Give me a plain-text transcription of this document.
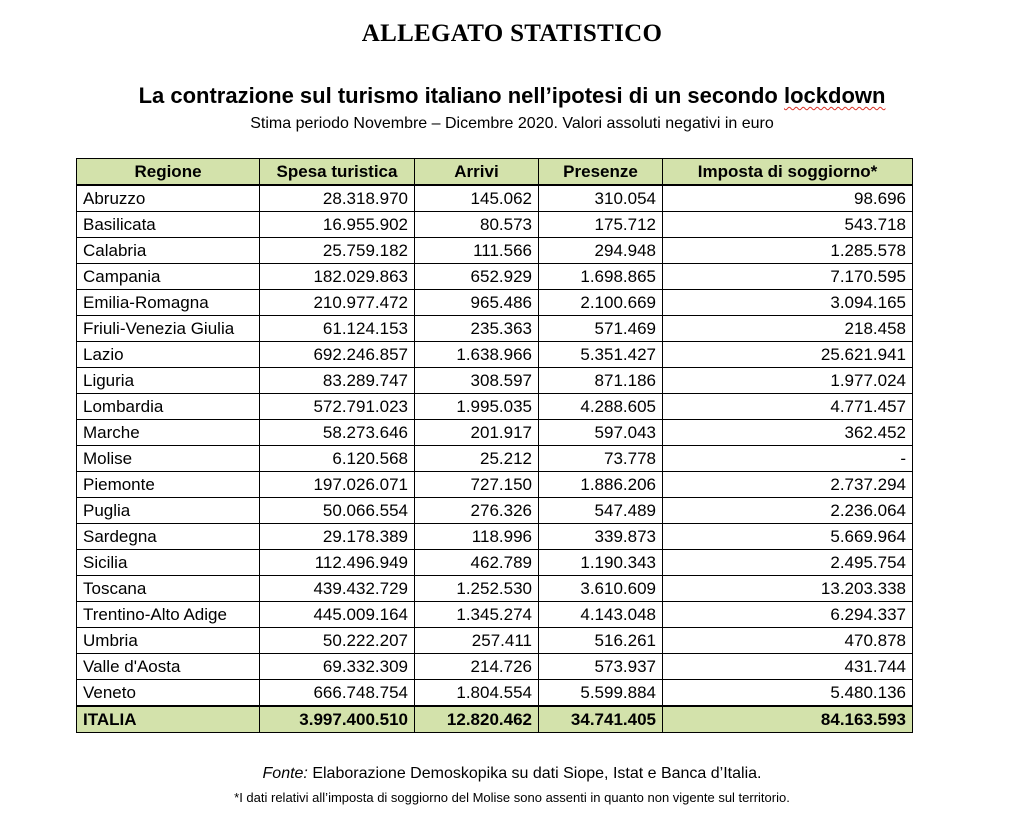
ALLEGATO STATISTICO
La contrazione sul turismo italiano nell’ipotesi di un secondo lockdown
Stima periodo Novembre – Dicembre 2020. Valori assoluti negativi in euro
Regione	Spesa turistica	Arrivi	Presenze	Imposta di soggiorno*
Abruzzo	28.318.970	145.062	310.054	98.696
Basilicata	16.955.902	80.573	175.712	543.718
Calabria	25.759.182	111.566	294.948	1.285.578
Campania	182.029.863	652.929	1.698.865	7.170.595
Emilia-Romagna	210.977.472	965.486	2.100.669	3.094.165
Friuli-Venezia Giulia	61.124.153	235.363	571.469	218.458
Lazio	692.246.857	1.638.966	5.351.427	25.621.941
Liguria	83.289.747	308.597	871.186	1.977.024
Lombardia	572.791.023	1.995.035	4.288.605	4.771.457
Marche	58.273.646	201.917	597.043	362.452
Molise	6.120.568	25.212	73.778	-
Piemonte	197.026.071	727.150	1.886.206	2.737.294
Puglia	50.066.554	276.326	547.489	2.236.064
Sardegna	29.178.389	118.996	339.873	5.669.964
Sicilia	112.496.949	462.789	1.190.343	2.495.754
Toscana	439.432.729	1.252.530	3.610.609	13.203.338
Trentino-Alto Adige	445.009.164	1.345.274	4.143.048	6.294.337
Umbria	50.222.207	257.411	516.261	470.878
Valle d'Aosta	69.332.309	214.726	573.937	431.744
Veneto	666.748.754	1.804.554	5.599.884	5.480.136
ITALIA	3.997.400.510	12.820.462	34.741.405	84.163.593
Fonte: Elaborazione Demoskopika su dati Siope, Istat e Banca d’Italia.
*I dati relativi all’imposta di soggiorno del Molise sono assenti in quanto non vigente sul territorio.
